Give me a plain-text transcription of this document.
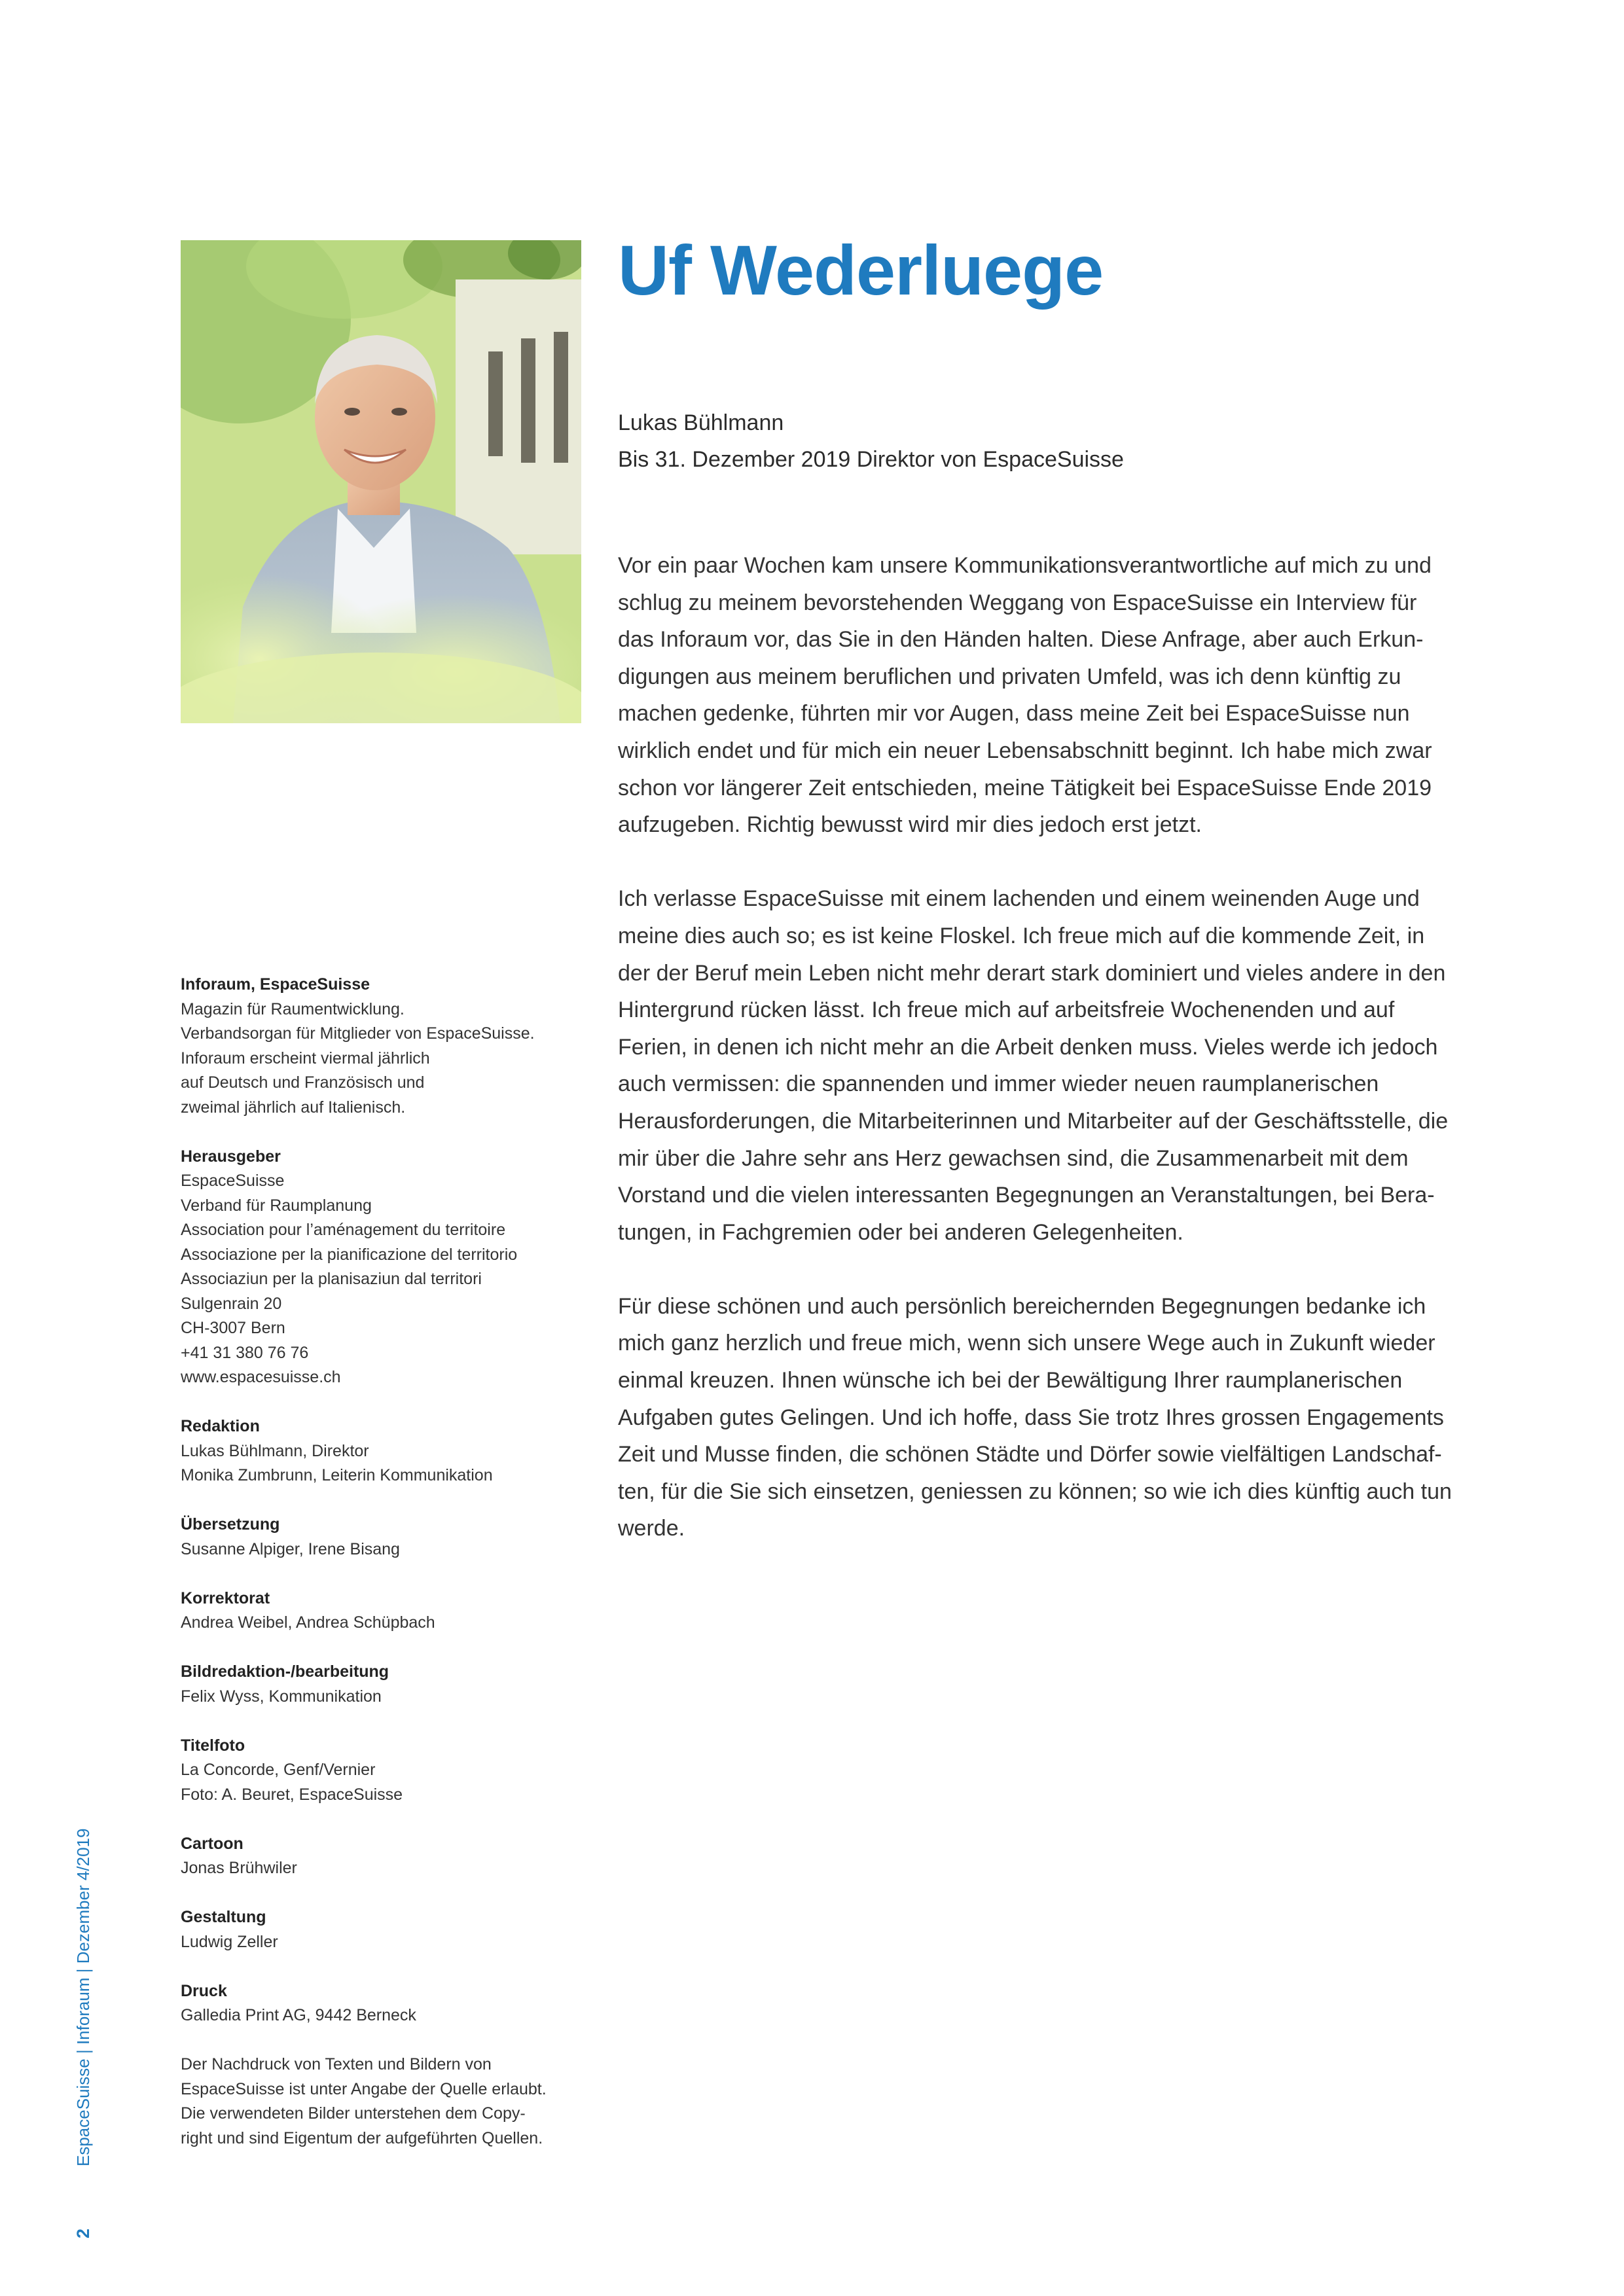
Uf Wederluege
Lukas Bühlmann
Bis 31. Dezember 2019 Direktor von EspaceSuisse

Vor ein paar Wochen kam unsere Kommunikationsverantwortliche auf mich zu und schlug zu meinem bevorstehenden Weggang von EspaceSuisse ein Interview für das Inforaum vor, das Sie in den Händen halten. Diese Anfrage, aber auch Erkun-digungen aus meinem beruflichen und privaten Umfeld, was ich denn künftig zu machen gedenke, führten mir vor Augen, dass meine Zeit bei EspaceSuisse nun wirklich endet und für mich ein neuer Lebensabschnitt beginnt. Ich habe mich zwar schon vor längerer Zeit entschieden, meine Tätigkeit bei EspaceSuisse Ende 2019 aufzugeben. Richtig bewusst wird mir dies jedoch erst jetzt.

Ich verlasse EspaceSuisse mit einem lachenden und einem weinenden Auge und meine dies auch so; es ist keine Floskel. Ich freue mich auf die kommende Zeit, in der der Beruf mein Leben nicht mehr derart stark dominiert und vieles andere in den Hintergrund rücken lässt. Ich freue mich auf arbeitsfreie Wochenenden und auf Ferien, in denen ich nicht mehr an die Arbeit denken muss. Vieles werde ich jedoch auch vermissen: die spannenden und immer wieder neuen raumplanerischen Herausforderungen, die Mitarbeiterinnen und Mitarbeiter auf der Geschäftsstelle, die mir über die Jahre sehr ans Herz gewachsen sind, die Zusammenarbeit mit dem Vorstand und die vielen interessanten Begegnungen an Veranstaltungen, bei Bera-tungen, in Fachgremien oder bei anderen Gelegenheiten.

Für diese schönen und auch persönlich bereichernden Begegnungen bedanke ich mich ganz herzlich und freue mich, wenn sich unsere Wege auch in Zukunft wieder einmal kreuzen. Ihnen wünsche ich bei der Bewältigung Ihrer raumplanerischen Aufgaben gutes Gelingen. Und ich hoffe, dass Sie trotz Ihres grossen Engagements Zeit und Musse finden, die schönen Städte und Dörfer sowie vielfältigen Landschaf-ten, für die Sie sich einsetzen, geniessen zu können; so wie ich dies künftig auch tun werde.

Inforaum, EspaceSuisse
Magazin für Raumentwicklung.
Verbandsorgan für Mitglieder von EspaceSuisse.
Inforaum erscheint viermal jährlich
auf Deutsch und Französisch und
zweimal jährlich auf Italienisch.
Herausgeber
EspaceSuisse
Verband für Raumplanung
Association pour l’aménagement du territoire
Associazione per la pianificazione del territorio
Associaziun per la planisaziun dal territori
Sulgenrain 20
CH-3007 Bern
+41 31 380 76 76
www.espacesuisse.ch
Redaktion
Lukas Bühlmann, Direktor
Monika Zumbrunn, Leiterin Kommunikation
Übersetzung
Susanne Alpiger, Irene Bisang
Korrektorat
Andrea Weibel, Andrea Schüpbach
Bildredaktion-/bearbeitung
Felix Wyss, Kommunikation
Titelfoto
La Concorde, Genf/Vernier
Foto: A. Beuret, EspaceSuisse
Cartoon
Jonas Brühwiler
Gestaltung
Ludwig Zeller
Druck
Galledia Print AG, 9442 Berneck
Der Nachdruck von Texten und Bildern von
EspaceSuisse ist unter Angabe der Quelle erlaubt.
Die verwendeten Bilder unterstehen dem Copy-
right und sind Eigentum der aufgeführten Quellen.
EspaceSuisse | Inforaum | Dezember 4/2019
2
